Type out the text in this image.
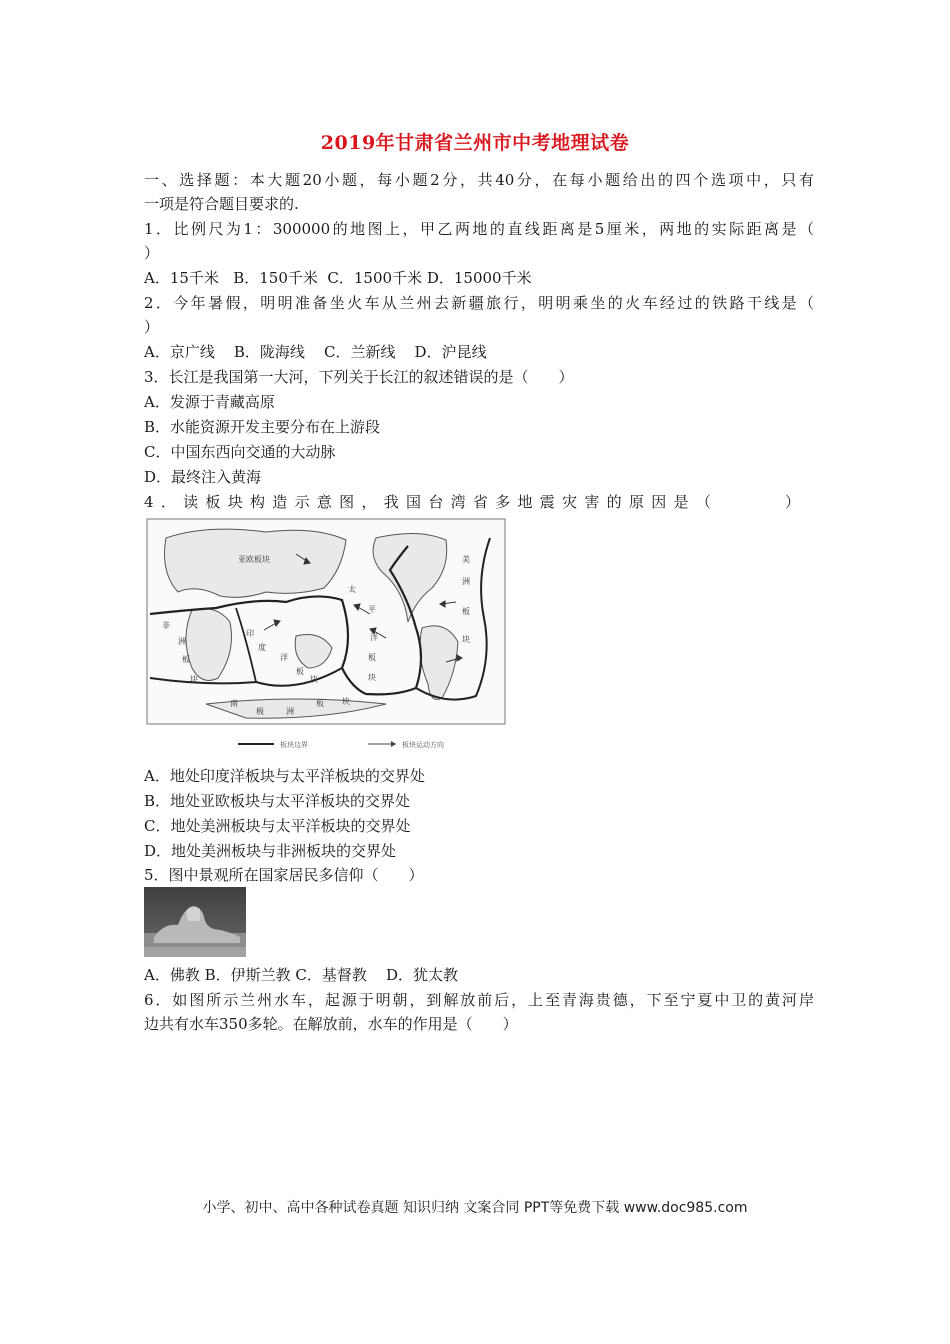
2019年甘肃省兰州市中考地理试卷
一、选择题：本大题20小题，每小题2分，共40分，在每小题给出的四个选项中，只有
一项是符合题目要求的.
1．比例尺为1：300000的地图上，甲乙两地的直线距离是5厘米，两地的实际距离是（
）
A．15千米   B．150千米  C．1500千米 D．15000千米
2．今年暑假，明明准备坐火车从兰州去新疆旅行，明明乘坐的火车经过的铁路干线是（
）
A．京广线    B．陇海线    C．兰新线    D．沪昆线
3．长江是我国第一大河，下列关于长江的叙述错误的是（　　）
A．发源于青藏高原
B．水能资源开发主要分布在上游段
C．中国东西向交通的大动脉
D．最终注入黄海
4．读板块构造示意图，我国台湾省多地震灾害的原因是（　　　）
亚欧板块
太
平
洋
板
块
印
度
洋
板
块
美
洲
板
块
非
洲
板
块
南
极	洲
板 块
板块边界	板块运动方向
A．地处印度洋板块与太平洋板块的交界处
B．地处亚欧板块与太平洋板块的交界处
C．地处美洲板块与太平洋板块的交界处
D．地处美洲板块与非洲板块的交界处
5．图中景观所在国家居民多信仰（　　）
A．佛教 B．伊斯兰教 C．基督教    D．犹太教
6．如图所示兰州水车，起源于明朝，到解放前后，上至青海贵德，下至宁夏中卫的黄河岸
边共有水车350多轮。在解放前，水车的作用是（　　）
小学、初中、高中各种试卷真题 知识归纳 文案合同 PPT等免费下载 www.doc985.com
